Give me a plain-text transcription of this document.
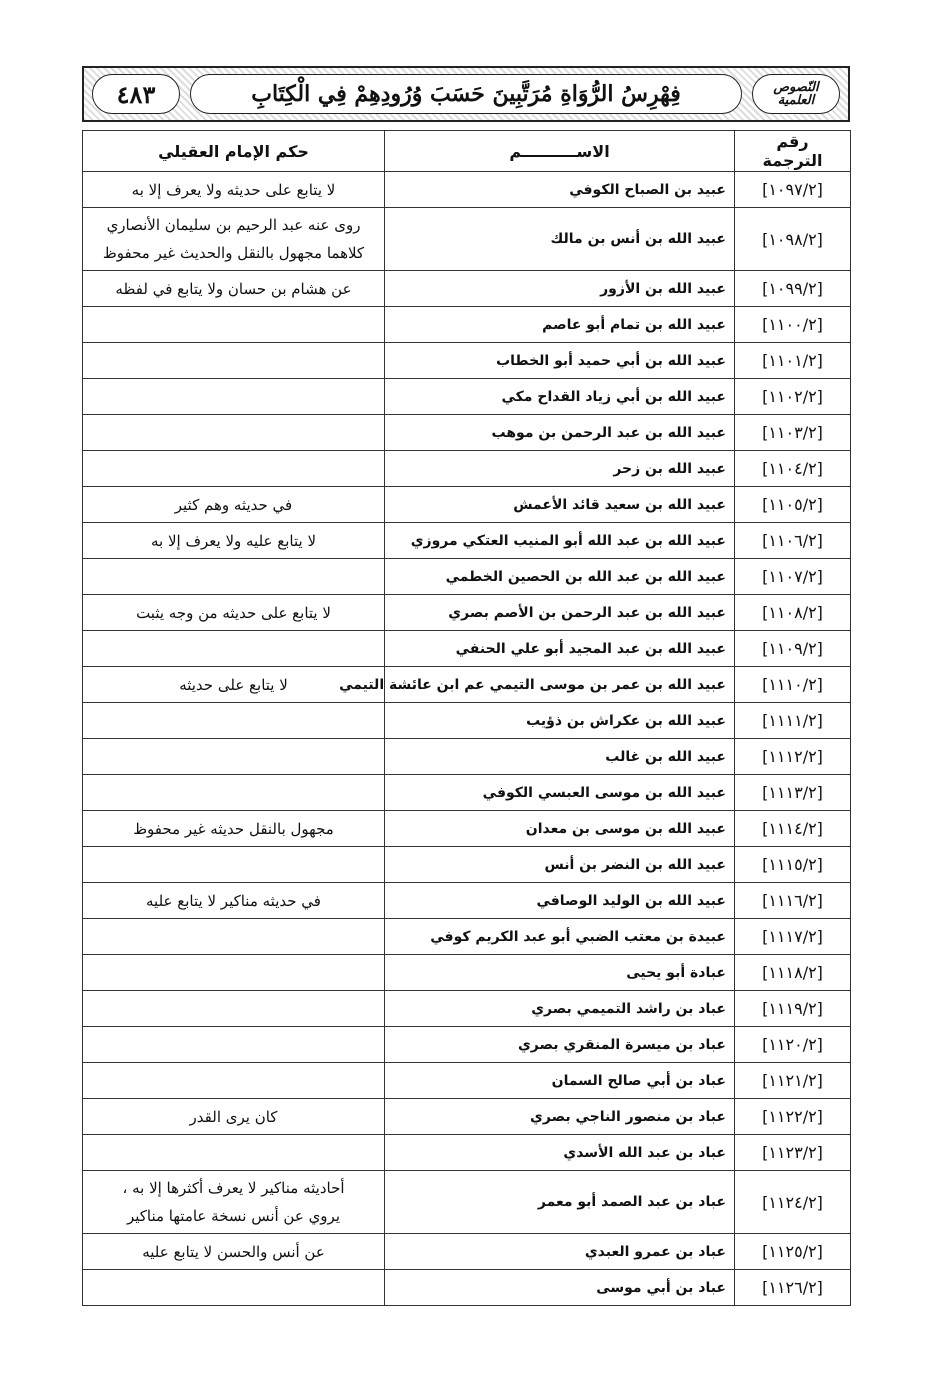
النّصوص
العلمية
فِهْرِسُ الرُّوَاةِ مُرَتَّبِينَ حَسَبَ وُرُودِهِمْ فِي الْكِتَابِ
٤٨٣
رقم الترجمة	الاســــــــــم	حكم الإمام العقيلي
[١٠٩٧/٢]	عبيد بن الصباح الكوفي	لا يتابع على حديثه ولا يعرف إلا به

[١٠٩٨/٢]	عبيد الله بن أنس بن مالك	روى عنه عبد الرحيم بن سليمان الأنصاري
كلاهما مجهول بالنقل والحديث غير محفوظ

[١٠٩٩/٢]	عبيد الله بن الأزور	عن هشام بن حسان ولا يتابع في لفظه

[١١٠٠/٢]	عبيد الله بن تمام أبو عاصم	

[١١٠١/٢]	عبيد الله بن أبي حميد أبو الخطاب	

[١١٠٢/٢]	عبيد الله بن أبي زياد القداح مكي	

[١١٠٣/٢]	عبيد الله بن عبد الرحمن بن موهب	

[١١٠٤/٢]	عبيد الله بن زحر	

[١١٠٥/٢]	عبيد الله بن سعيد قائد الأعمش	في حديثه وهم كثير

[١١٠٦/٢]	عبيد الله بن عبد الله أبو المنيب العتكي مروزي	لا يتابع عليه ولا يعرف إلا به

[١١٠٧/٢]	عبيد الله بن عبد الله بن الحصين الخطمي	

[١١٠٨/٢]	عبيد الله بن عبد الرحمن بن الأصم بصري	لا يتابع على حديثه من وجه يثبت

[١١٠٩/٢]	عبيد الله بن عبد المجيد أبو علي الحنفي	

[١١١٠/٢]	عبيد الله بن عمر بن موسى التيمي عم ابن عائشة التيمي	لا يتابع على حديثه

[١١١١/٢]	عبيد الله بن عكراش بن ذؤيب	

[١١١٢/٢]	عبيد الله بن غالب	

[١١١٣/٢]	عبيد الله بن موسى العبسي الكوفي	

[١١١٤/٢]	عبيد الله بن موسى بن معدان	مجهول بالنقل حديثه غير محفوظ

[١١١٥/٢]	عبيد الله بن النضر بن أنس	

[١١١٦/٢]	عبيد الله بن الوليد الوصافي	في حديثه مناكير لا يتابع عليه

[١١١٧/٢]	عبيدة بن معتب الضبي أبو عبد الكريم كوفي	

[١١١٨/٢]	عبادة أبو يحيى	

[١١١٩/٢]	عباد بن راشد التميمي بصري	

[١١٢٠/٢]	عباد بن ميسرة المنقري بصري	

[١١٢١/٢]	عباد بن أبي صالح السمان	

[١١٢٢/٢]	عباد بن منصور الناجي بصري	كان يرى القدر

[١١٢٣/٢]	عباد بن عبد الله الأسدي	

[١١٢٤/٢]	عباد بن عبد الصمد أبو معمر	أحاديثه مناكير لا يعرف أكثرها إلا به ،
يروي عن أنس نسخة عامتها مناكير

[١١٢٥/٢]	عباد بن عمرو العبدي	عن أنس والحسن لا يتابع عليه

[١١٢٦/٢]	عباد بن أبي موسى	
